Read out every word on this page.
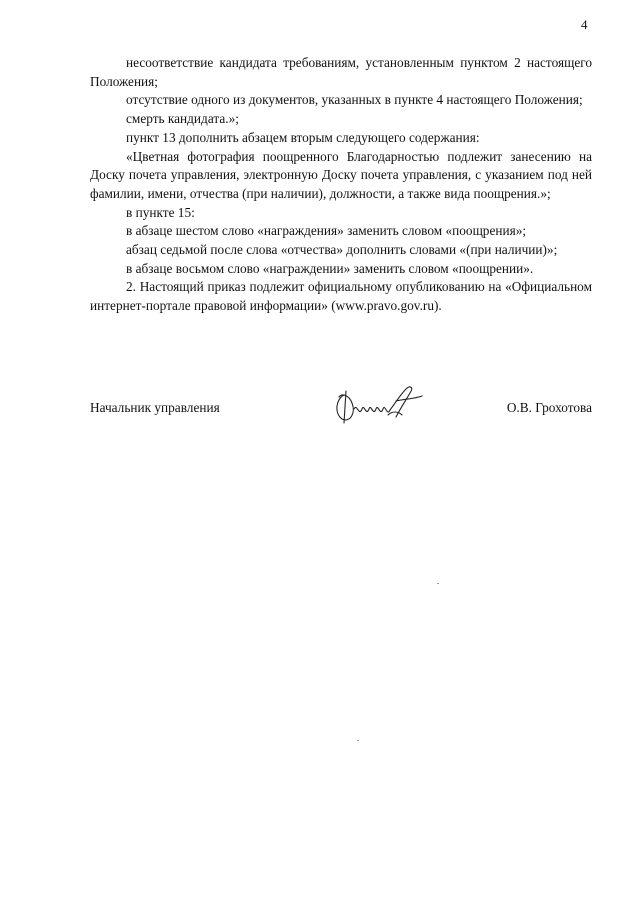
4

несоответствие кандидата требованиям, установленным пунктом 2 настоящего Положения;

отсутствие одного из документов, указанных в пункте 4 настоящего Положения;

смерть кандидата.»;

пункт 13 дополнить абзацем вторым следующего содержания:

«Цветная фотография поощренного Благодарностью подлежит занесению на Доску почета управления, электронную Доску почета управления, с указанием под ней фамилии, имени, отчества (при наличии), должности, а также вида поощрения.»;

в пункте 15:

в абзаце шестом слово «награждения» заменить словом «поощрения»;

абзац седьмой после слова «отчества» дополнить словами «(при наличии)»;

в абзаце восьмом слово «награждении» заменить словом «поощрении».

2. Настоящий приказ подлежит официальному опубликованию на «Официальном интернет-портале правовой информации» (www.pravo.gov.ru).

Начальник управления	О.В. Грохотова
